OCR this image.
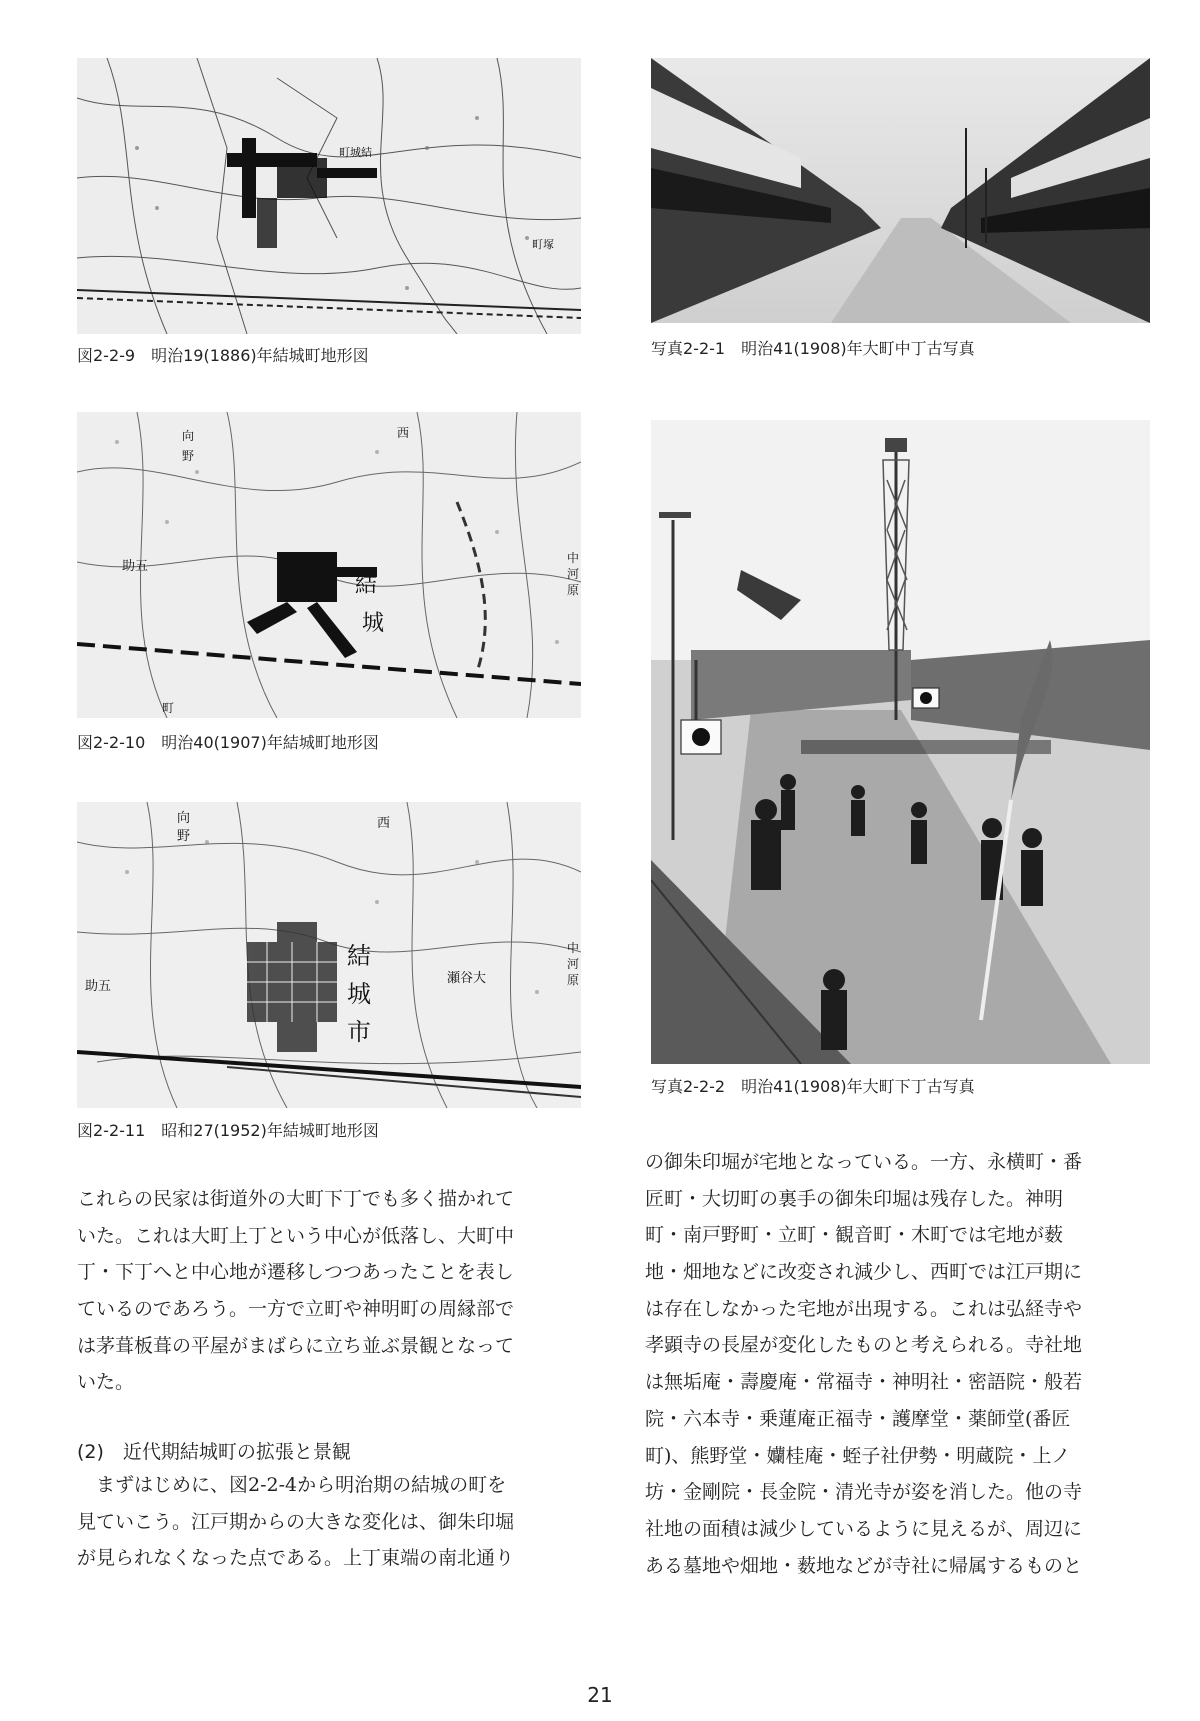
町城結
町塚
図2-2-9　明治19(1886)年結城町地形図
結
城
西
向
野
助五
中
河
原
町
図2-2-10　明治40(1907)年結城町地形図
結
城
市
西
向
野
助五
瀬谷大
中
河
原
図2-2-11　昭和27(1952)年結城町地形図
写真2-2-1　明治41(1908)年大町中丁古写真
写真2-2-2　明治41(1908)年大町下丁古写真
これらの民家は街道外の大町下丁でも多く描かれて
いた。これは大町上丁という中心が低落し、大町中
丁・下丁へと中心地が遷移しつつあったことを表し
ているのであろう。一方で立町や神明町の周縁部で
は茅葺板葺の平屋がまばらに立ち並ぶ景観となって
いた。
(2)　近代期結城町の拡張と景観
　まずはじめに、図2-2-4から明治期の結城の町を
見ていこう。江戸期からの大きな変化は、御朱印堀
が見られなくなった点である。上丁東端の南北通り
の御朱印堀が宅地となっている。一方、永横町・番
匠町・大切町の裏手の御朱印堀は残存した。神明
町・南戸野町・立町・観音町・木町では宅地が薮
地・畑地などに改変され減少し、西町では江戸期に
は存在しなかった宅地が出現する。これは弘経寺や
孝顕寺の長屋が変化したものと考えられる。寺社地
は無垢庵・壽慶庵・常福寺・神明社・密語院・般若
院・六本寺・乗蓮庵正福寺・護摩堂・薬師堂(番匠
町)、熊野堂・孏桂庵・蛭子社伊勢・明蔵院・上ノ
坊・金剛院・長金院・清光寺が姿を消した。他の寺
社地の面積は減少しているように見えるが、周辺に
ある墓地や畑地・薮地などが寺社に帰属するものと
21
